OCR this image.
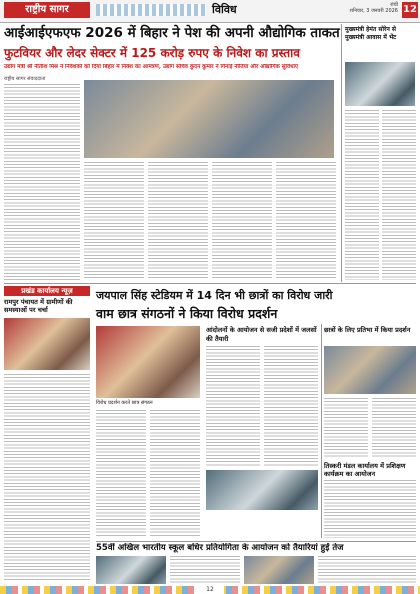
राष्ट्रीय सागर	विविध	रांची
शनिवार, 3 जनवरी 2026 12
आईआईएफएफ 2026 में बिहार ने पेश की अपनी औद्योगिक ताकत
फुटवियर और लेदर सेक्टर में 125 करोड़ रुपए के निवेश का प्रस्ताव
उद्योग मंत्री श्री नीतीश मिश्र ने निवेशकों को दिया बिहार में निवेश का आमंत्रण, उद्योग सचिव कुंदन कुमार ने गिनाई नीतियां और औद्योगिक सुविधाएं
राष्ट्रीय सागर संवाददाता
मुख्यमंत्री हेमंत सोरेन से मुख्यमंत्री आवास में भेंट
प्रखंड कार्यालय न्यूज़
रामपुर पंचायत में ग्रामीणों की समस्याओं पर चर्चा
जयपाल सिंह स्टेडियम में 14 दिन भी छात्रों का विरोध जारी
वाम छात्र संगठनों ने किया विरोध प्रदर्शन
विरोध प्रदर्शन करते छात्र संगठन
आंदोलनों के आयोजन से सजी प्रदेशों में जलसों की तैयारी
छात्रों के लिए प्रतिभा में किया प्रदर्शन
तिस्करी मंडल कार्यालय में प्रशिक्षण कार्यक्रम का आयोजन
55वीं अखिल भारतीय स्कूल बधिर प्रतियोगिता के आयोजन को तैयारियां हुईं तेज
12
